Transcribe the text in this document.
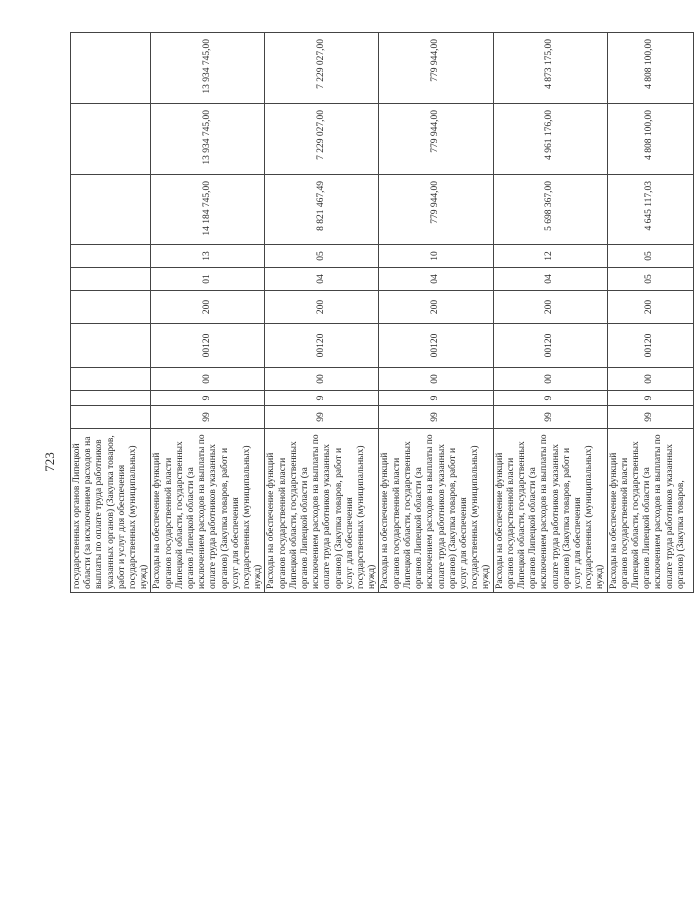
723	государственных органов Липецкой области (за исключением расходов на выплаты по оплате труда работников указанных органов) (Закупка товаров, работ и услуг для обеспечения государственных (муниципальных) нужд)										
Расходы на обеспечение функций органов государственной власти Липецкой области, государственных органов Липецкой области (за исключением расходов на выплаты по оплате труда работников указанных органов) (Закупка товаров, работ и услуг для обеспечения государственных (муниципальных) нужд)	99	9	00	00120	200	01	13	14 184 745,00	13 934 745,00	13 934 745,00
Расходы на обеспечение функций органов государственной власти Липецкой области, государственных органов Липецкой области (за исключением расходов на выплаты по оплате труда работников указанных органов) (Закупка товаров, работ и услуг для обеспечения государственных (муниципальных) нужд)	99	9	00	00120	200	04	05	8 821 467,49	7 229 027,00	7 229 027,00
Расходы на обеспечение функций органов государственной власти Липецкой области, государственных органов Липецкой области (за исключением расходов на выплаты по оплате труда работников указанных органов) (Закупка товаров, работ и услуг для обеспечения государственных (муниципальных) нужд)	99	9	00	00120	200	04	10	779 944,00	779 944,00	779 944,00
Расходы на обеспечение функций органов государственной власти Липецкой области, государственных органов Липецкой области (за исключением расходов на выплаты по оплате труда работников указанных органов) (Закупка товаров, работ и услуг для обеспечения государственных (муниципальных) нужд)	99	9	00	00120	200	04	12	5 698 367,00	4 961 176,00	4 873 175,00
Расходы на обеспечение функций органов государственной власти Липецкой области, государственных органов Липецкой области (за исключением расходов на выплаты по оплате труда работников указанных органов) (Закупка товаров,	99	9	00	00120	200	05	05	4 645 117,03	4 808 100,00	4 808 100,00
